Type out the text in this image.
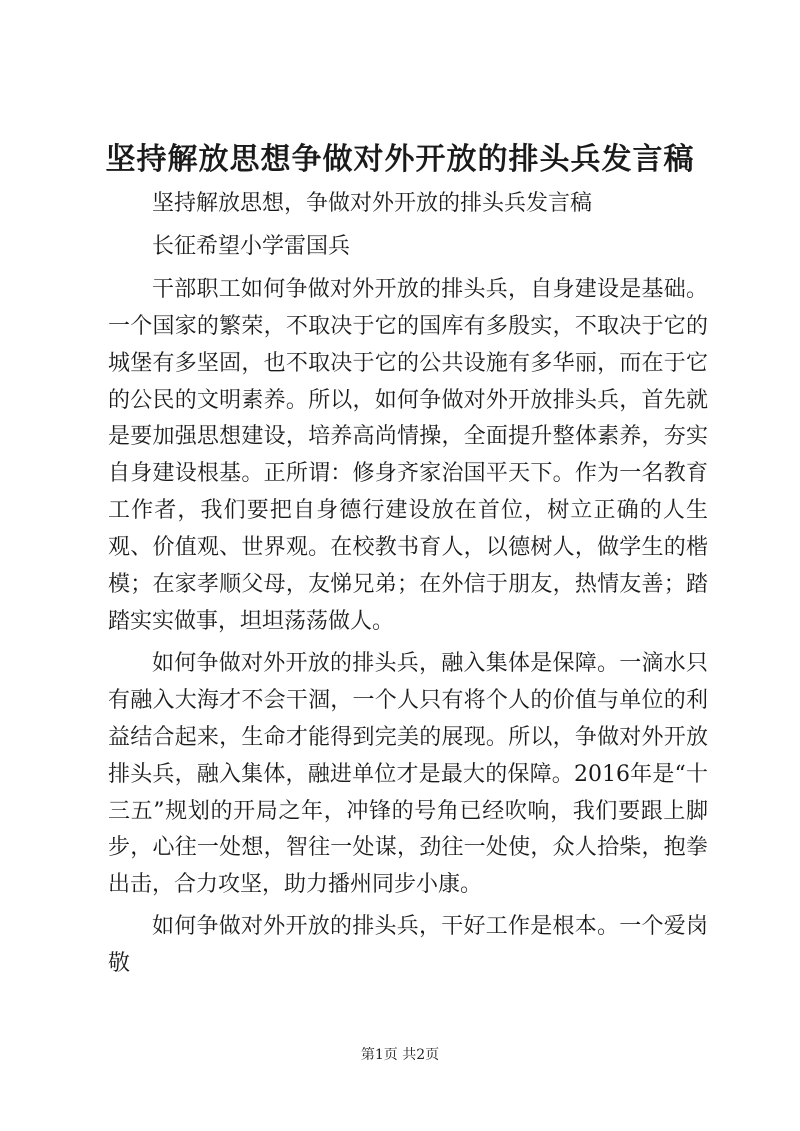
坚持解放思想争做对外开放的排头兵发言稿

坚持解放思想，争做对外开放的排头兵发言稿

长征希望小学雷国兵

干部职工如何争做对外开放的排头兵，自身建设是基础。一个国家的繁荣，不取决于它的国库有多殷实，不取决于它的城堡有多坚固，也不取决于它的公共设施有多华丽，而在于它的公民的文明素养。所以，如何争做对外开放排头兵，首先就是要加强思想建设，培养高尚情操，全面提升整体素养，夯实自身建设根基。正所谓：修身齐家治国平天下。作为一名教育工作者，我们要把自身德行建设放在首位，树立正确的人生观、价值观、世界观。在校教书育人，以德树人，做学生的楷模；在家孝顺父母，友悌兄弟；在外信于朋友，热情友善；踏踏实实做事，坦坦荡荡做人。

如何争做对外开放的排头兵，融入集体是保障。一滴水只有融入大海才不会干涸，一个人只有将个人的价值与单位的利益结合起来，生命才能得到完美的展现。所以，争做对外开放排头兵，融入集体，融进单位才是最大的保障。2016年是“十三五”规划的开局之年，冲锋的号角已经吹响，我们要跟上脚步，心往一处想，智往一处谋，劲往一处使，众人拾柴，抱拳出击，合力攻坚，助力播州同步小康。

如何争做对外开放的排头兵，干好工作是根本。一个爱岗敬

第1页 共2页
